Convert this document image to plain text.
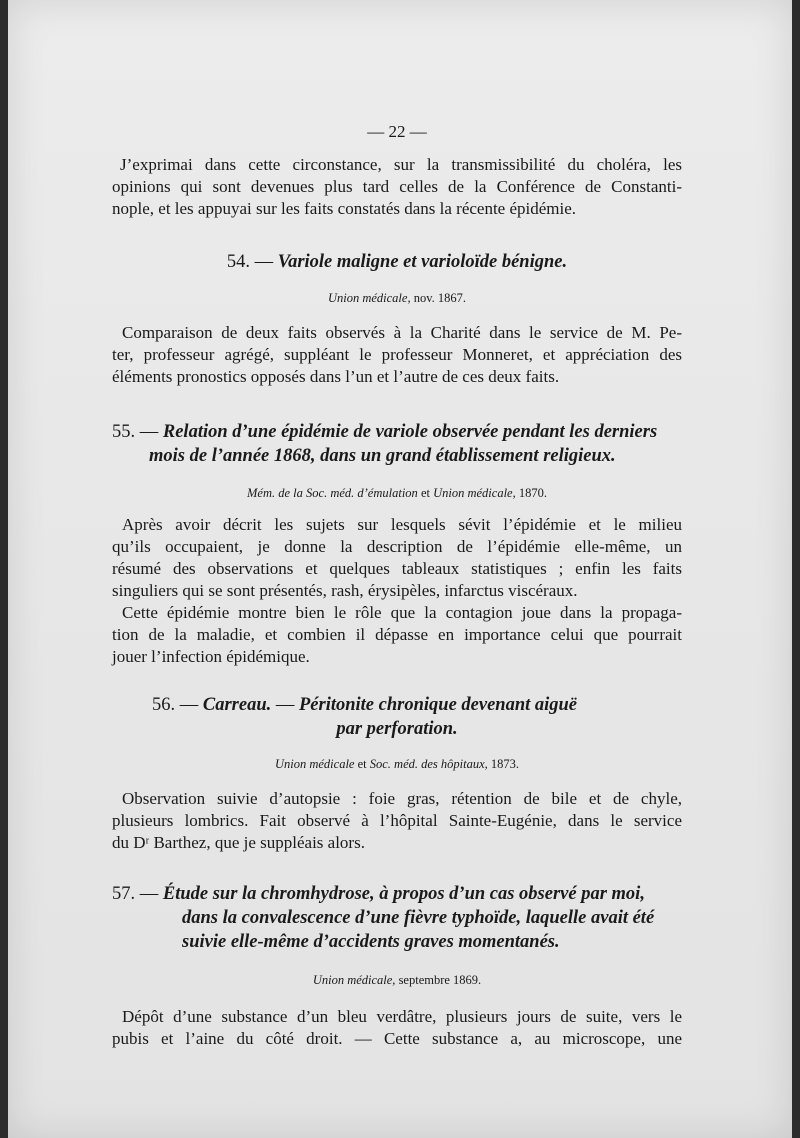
— 22 —
J’exprimai dans cette circonstance, sur la transmissibilité du choléra, les
opinions qui sont devenues plus tard celles de la Conférence de Constanti-
nople, et les appuyai sur les faits constatés dans la récente épidémie.
54. — Variole maligne et varioloïde bénigne.
Union médicale, nov. 1867.
Comparaison de deux faits observés à la Charité dans le service de M. Pe-
ter, professeur agrégé, suppléant le professeur Monneret, et appréciation des
éléments pronostics opposés dans l’un et l’autre de ces deux faits.
55. — Relation d’une épidémie de variole observée pendant les derniers
mois de l’année 1868, dans un grand établissement religieux.
Mém. de la Soc. méd. d’émulation et Union médicale, 1870.
Après avoir décrit les sujets sur lesquels sévit l’épidémie et le milieu
qu’ils occupaient, je donne la description de l’épidémie elle-même, un
résumé des observations et quelques tableaux statistiques ; enfin les faits
singuliers qui se sont présentés, rash, érysipèles, infarctus viscéraux.
Cette épidémie montre bien le rôle que la contagion joue dans la propaga-
tion de la maladie, et combien il dépasse en importance celui que pourrait
jouer l’infection épidémique.
56. — Carreau. — Péritonite chronique devenant aiguë
par perforation.
Union médicale et Soc. méd. des hôpitaux, 1873.
Observation suivie d’autopsie : foie gras, rétention de bile et de chyle,
plusieurs lombrics. Fait observé à l’hôpital Sainte-Eugénie, dans le service
du Dʳ Barthez, que je suppléais alors.
57. — Étude sur la chromhydrose, à propos d’un cas observé par moi,
dans la convalescence d’une fièvre typhoïde, laquelle avait été
suivie elle-même d’accidents graves momentanés.
Union médicale, septembre 1869.
Dépôt d’une substance d’un bleu verdâtre, plusieurs jours de suite, vers le
pubis et l’aine du côté droit. — Cette substance a, au microscope, une
